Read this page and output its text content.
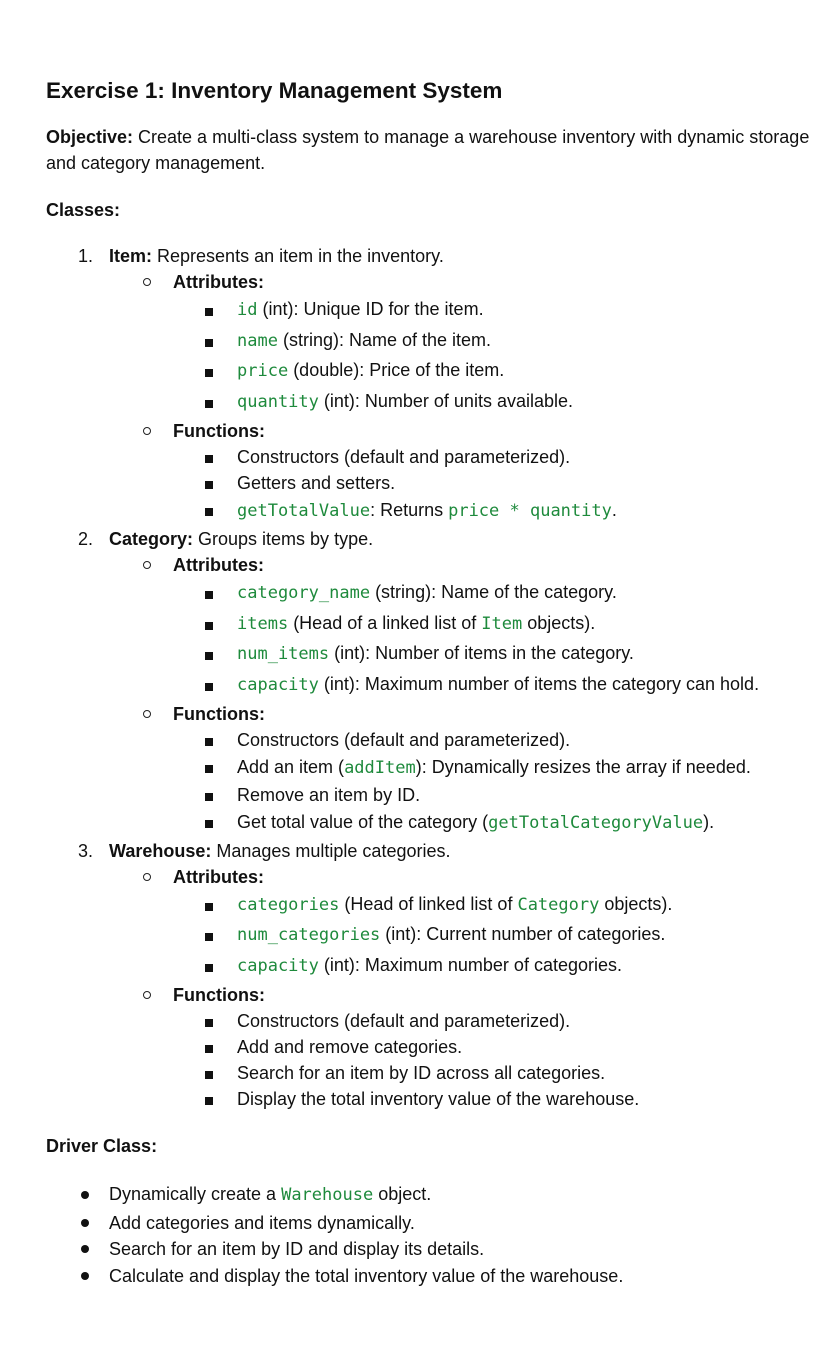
Exercise 1: Inventory Management System

Objective: Create a multi-class system to manage a warehouse inventory with dynamic storage and category management.

Classes:
1. Item: Represents an item in the inventory.
Attributes:
id (int): Unique ID for the item.
name (string): Name of the item.
price (double): Price of the item.
quantity (int): Number of units available.
Functions:
Constructors (default and parameterized).
Getters and setters.
getTotalValue: Returns price * quantity.
2. Category: Groups items by type.
Attributes:
category_name (string): Name of the category.
items (Head of a linked list of Item objects).
num_items (int): Number of items in the category.
capacity (int): Maximum number of items the category can hold.
Functions:
Constructors (default and parameterized).
Add an item (addItem): Dynamically resizes the array if needed.
Remove an item by ID.
Get total value of the category (getTotalCategoryValue).
3. Warehouse: Manages multiple categories.
Attributes:
categories (Head of linked list of Category objects).
num_categories (int): Current number of categories.
capacity (int): Maximum number of categories.
Functions:
Constructors (default and parameterized).
Add and remove categories.
Search for an item by ID across all categories.
Display the total inventory value of the warehouse.
Driver Class:
Dynamically create a Warehouse object.
Add categories and items dynamically.
Search for an item by ID and display its details.
Calculate and display the total inventory value of the warehouse.
